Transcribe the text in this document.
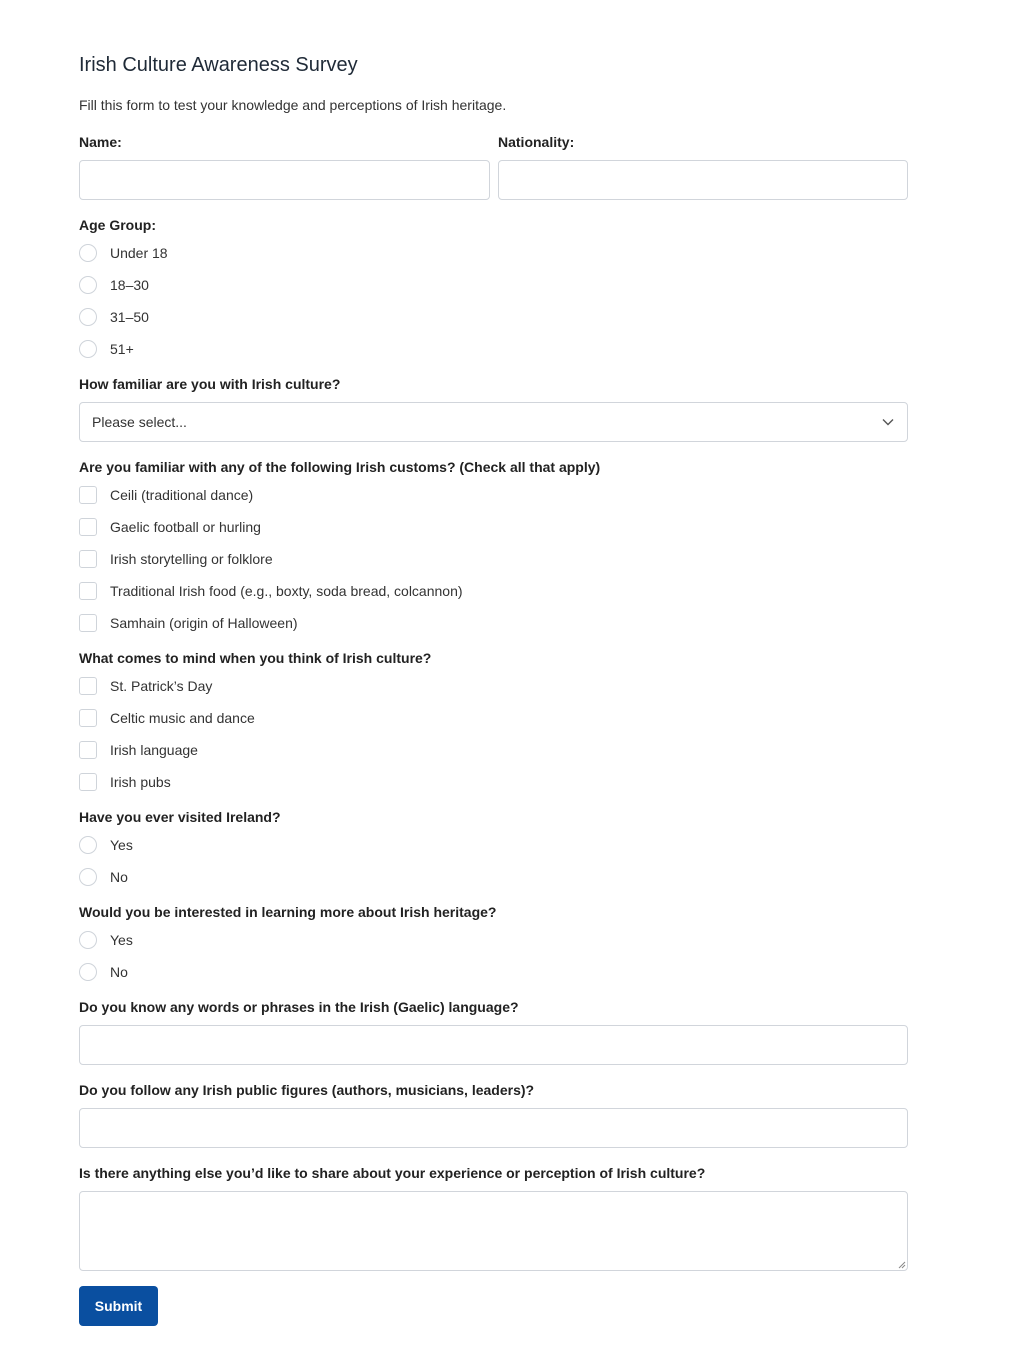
Irish Culture Awareness Survey
Fill this form to test your knowledge and perceptions of Irish heritage.
Name:	Nationality:
Age Group:
Under 18
18–30
31–50
51+
How familiar are you with Irish culture?
Please select...
Are you familiar with any of the following Irish customs? (Check all that apply)
Ceili (traditional dance)
Gaelic football or hurling
Irish storytelling or folklore
Traditional Irish food (e.g., boxty, soda bread, colcannon)
Samhain (origin of Halloween)
What comes to mind when you think of Irish culture?
St. Patrick’s Day
Celtic music and dance
Irish language
Irish pubs
Have you ever visited Ireland?
Yes
No
Would you be interested in learning more about Irish heritage?
Yes
No
Do you know any words or phrases in the Irish (Gaelic) language?
Do you follow any Irish public figures (authors, musicians, leaders)?
Is there anything else you’d like to share about your experience or perception of Irish culture?
Submit
